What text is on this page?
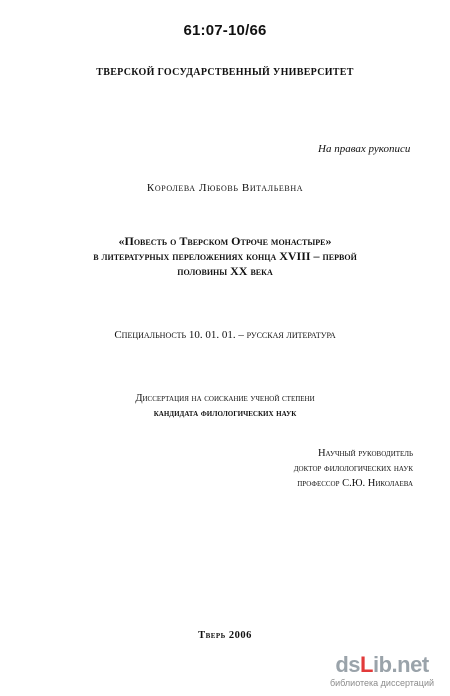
61:07-10/66
ТВЕРСКОЙ ГОСУДАРСТВЕННЫЙ УНИВЕРСИТЕТ
На правах рукописи
Королева Любовь Витальевна
«Повесть о Тверском Отроче монастыре»
в литературных переложениях конца XVIII – первой
половины XX века
Специальность 10. 01. 01. – русская литература
Диссертация на соискание ученой степени
кандидата филологических наук
Научный руководитель
доктор филологических наук
профессор С.Ю. Николаева
Тверь 2006
dsLib.net
библиотека диссертаций
